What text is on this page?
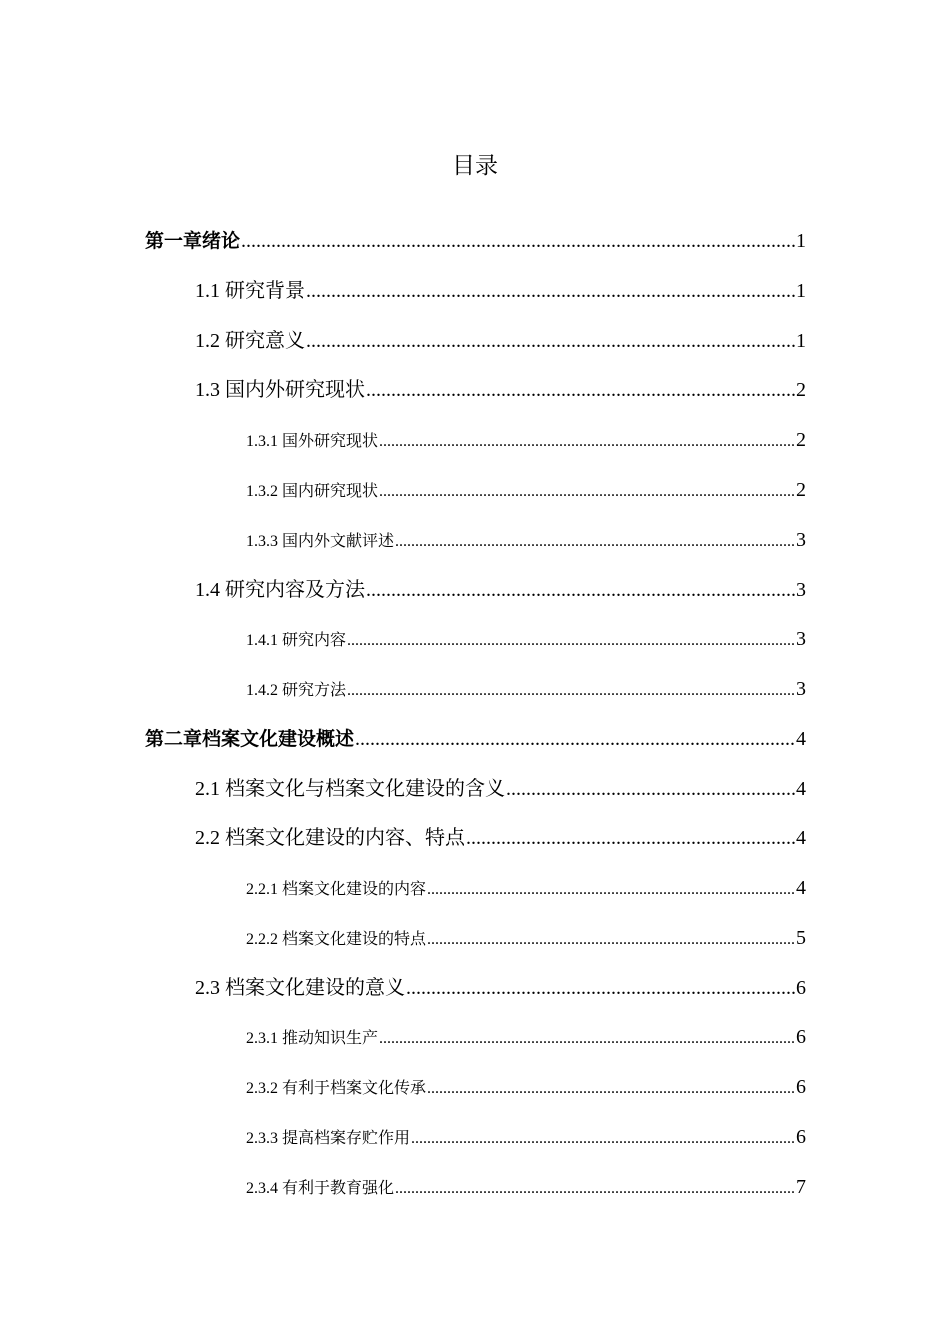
目录
第一章绪论 .....	1
1.1 研究背景 .....	1
1.2 研究意义 .....	1
1.3 国内外研究现状 .....	2
1.3.1 国外研究现状 .....	2
1.3.2 国内研究现状 .....	2
1.3.3 国内外文献评述 .....	3
1.4 研究内容及方法 .....	3
1.4.1 研究内容 .....	3
1.4.2 研究方法 .....	3
第二章档案文化建设概述 .....	4
2.1 档案文化与档案文化建设的含义 .....	4
2.2 档案文化建设的内容、特点 .....	4
2.2.1 档案文化建设的内容 .....	4
2.2.2 档案文化建设的特点 .....	5
2.3 档案文化建设的意义 .....	6
2.3.1 推动知识生产 .....	6
2.3.2 有利于档案文化传承 .....	6
2.3.3 提高档案存贮作用 .....	6
2.3.4 有利于教育强化 .....	7
